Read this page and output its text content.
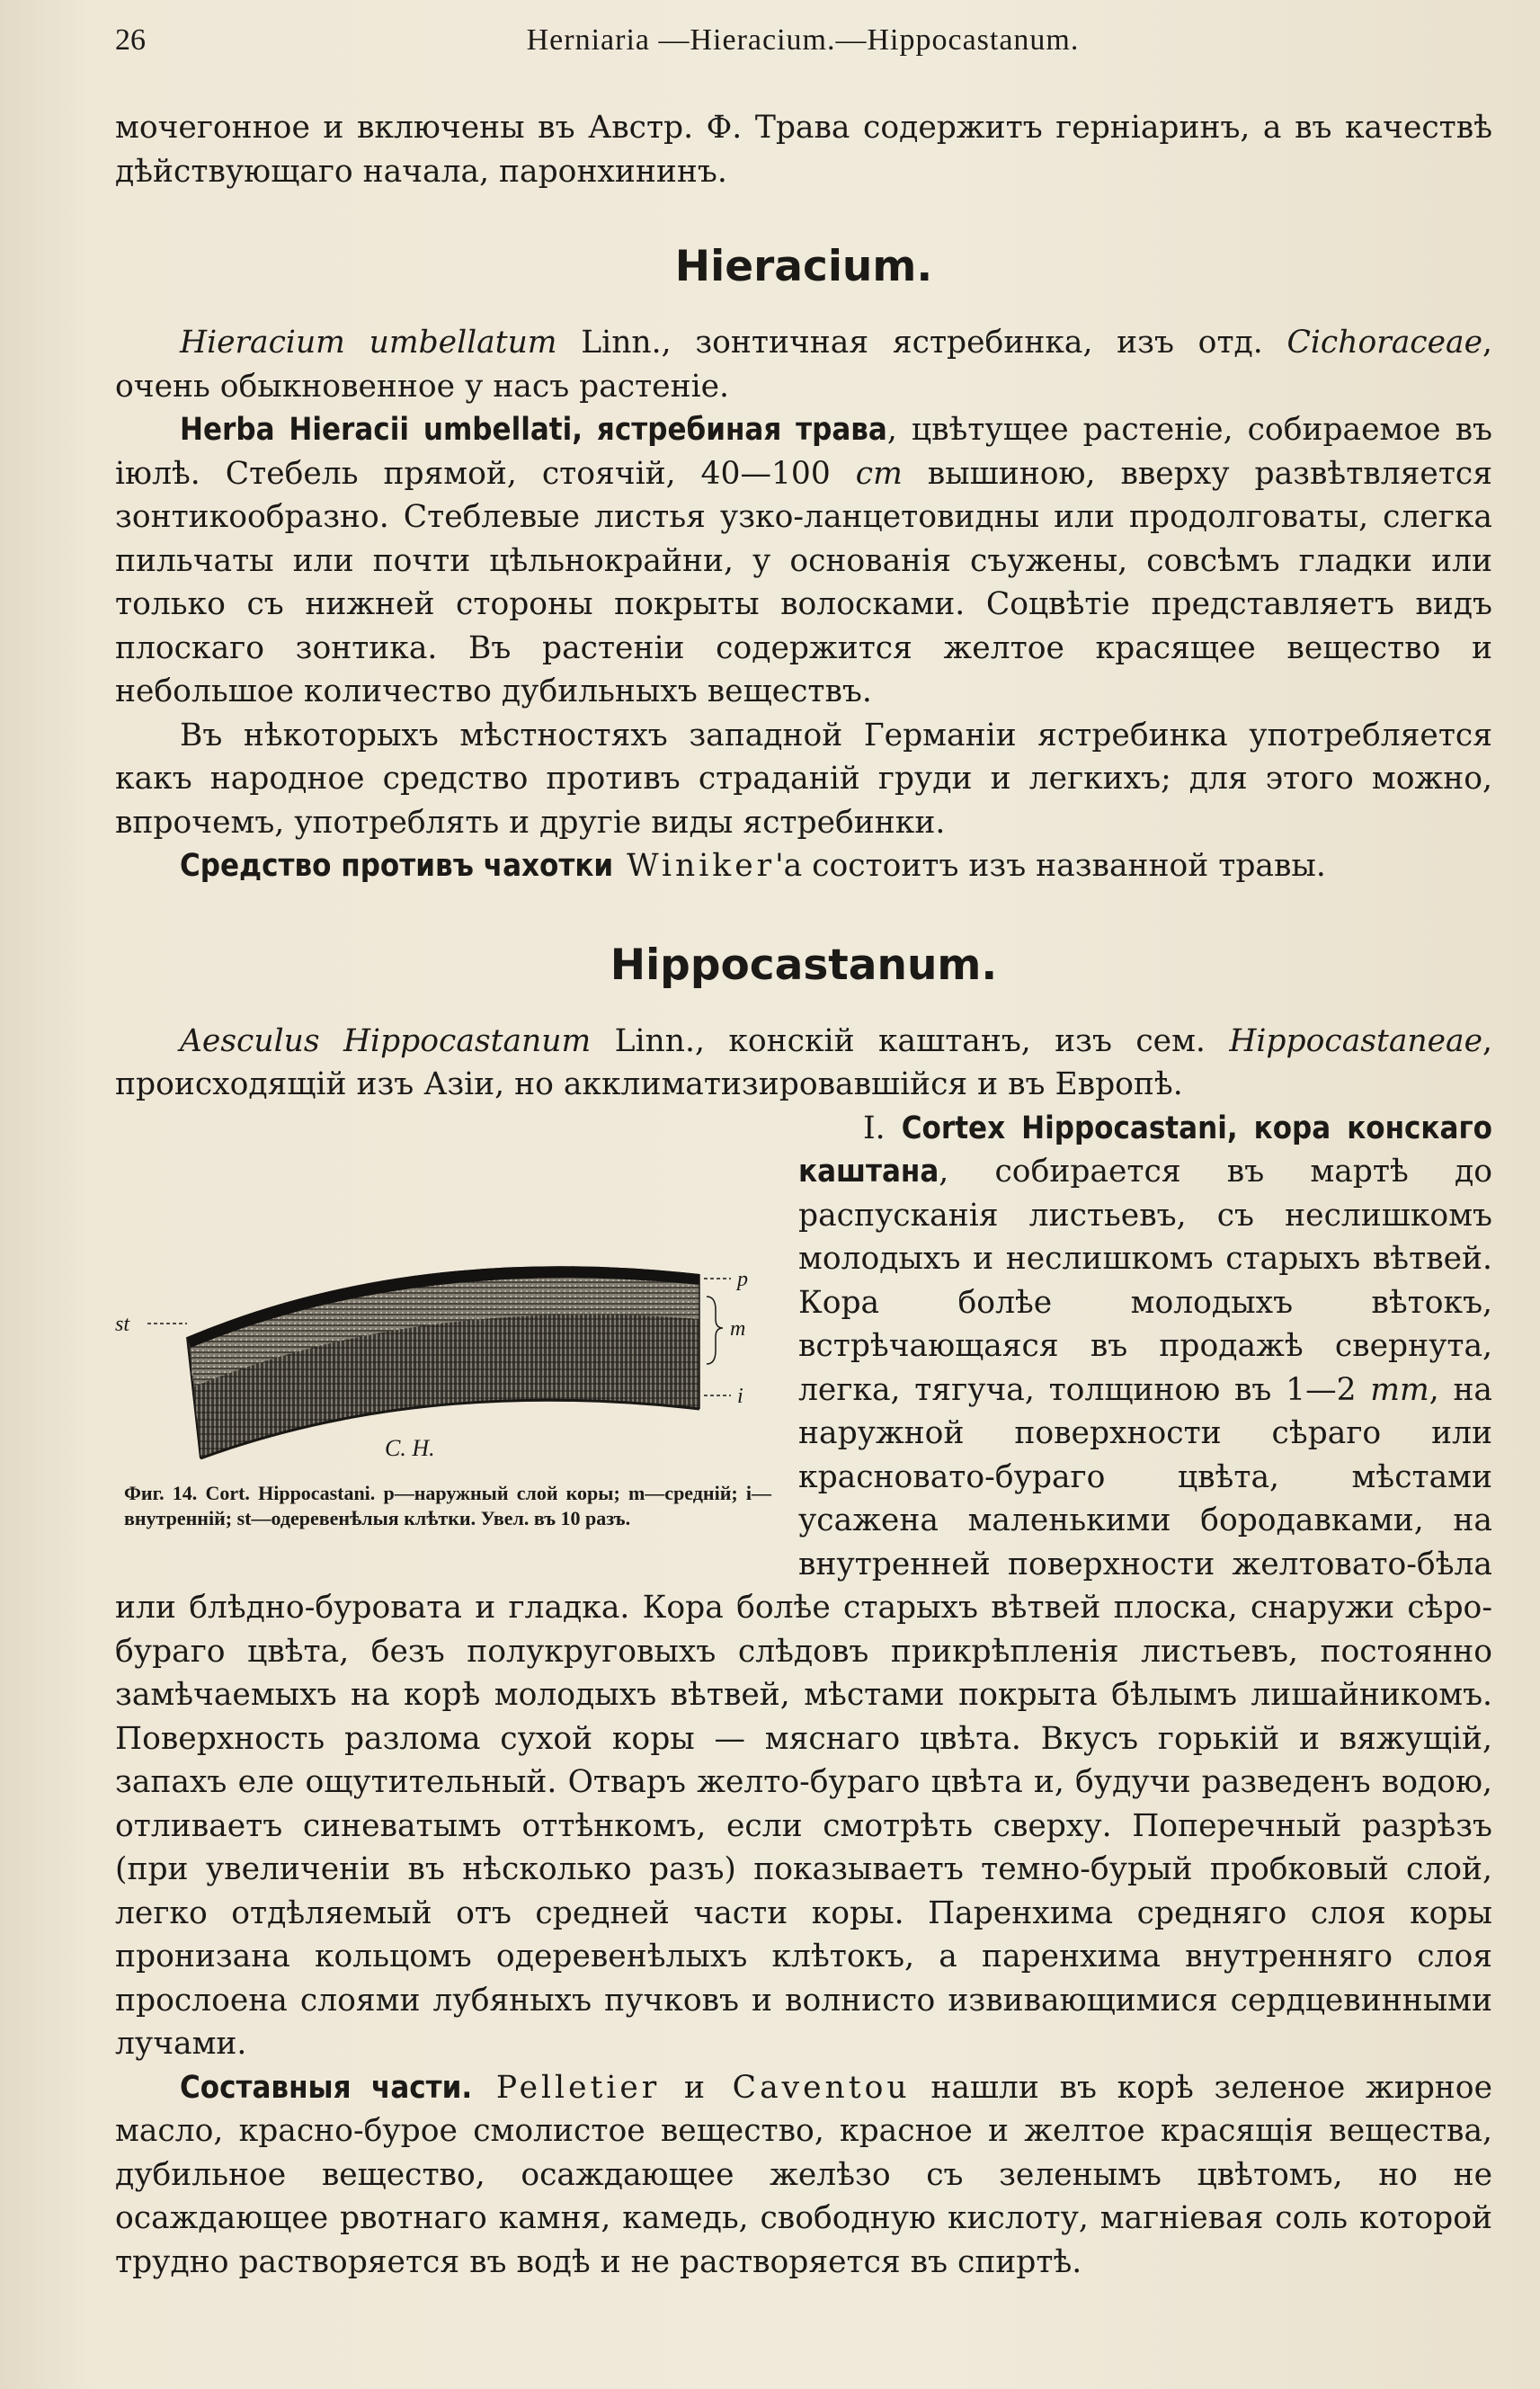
26	Herniaria —Hieracium.—Hippocastanum.

мочегонное и включены въ Австр. Ф. Трава содержитъ герніаринъ, а въ качествѣ дѣйствующаго начала, паронхининъ.

Hieracium.

Hieracium umbellatum Linn., зонтичная ястребинка, изъ отд. Cichoraceae, очень обыкновенное у насъ растеніе.

Herba Hieracii umbellati, ястребиная трава, цвѣтущее растеніе, собираемое въ іюлѣ. Стебель прямой, стоячій, 40—100 cm вышиною, вверху развѣтвляется зонтикообразно. Стеблевые листья узко-ланцетовидны или продолговаты, слегка пильчаты или почти цѣльнокрайни, у основанія съужены, совсѣмъ гладки или только съ нижней стороны покрыты волосками. Соцвѣтіе представляетъ видъ плоскаго зонтика. Въ растеніи содержится желтое красящее вещество и небольшое количество дубильныхъ веществъ.

Въ нѣкоторыхъ мѣстностяхъ западной Германіи ястребинка употребляется какъ народное средство противъ страданій груди и легкихъ; для этого можно, впрочемъ, употреблять и другіе виды ястребинки.

Средство противъ чахотки Winiker'а состоитъ изъ названной травы.

Hippocastanum.

Aesculus Hippocastanum Linn., конскій каштанъ, изъ сем. Hippocastaneae, происходящій изъ Азіи, но акклиматизировавшійся и въ Европѣ.

p
m
i
st
C. H.
Фиг. 14. Cort. Hippocastani. p—наружный слой коры; m—средній; i—внутренній; st—одеревенѣлыя клѣтки. Увел. въ 10 разъ.

I. Cortex Hippocastani, кора конскаго каштана, собирается въ мартѣ до распусканія листьевъ, съ неслишкомъ молодыхъ и неслишкомъ старыхъ вѣтвей. Кора болѣе молодыхъ вѣтокъ, встрѣчающаяся въ продажѣ свернута, легка, тягуча, толщиною въ 1—2 mm, на наружной поверхности сѣраго или красновато-бураго цвѣта, мѣстами усажена маленькими бородавками, на внутренней поверхности желтовато-бѣла или блѣдно-буровата и гладка. Кора болѣе старыхъ вѣтвей плоска, снаружи сѣро-бураго цвѣта, безъ полукруговыхъ слѣдовъ прикрѣпленія листьевъ, постоянно замѣчаемыхъ на корѣ молодыхъ вѣтвей, мѣстами покрыта бѣлымъ лишайникомъ. Поверхность разлома сухой коры — мяснаго цвѣта. Вкусъ горькій и вяжущій, запахъ еле ощутительный. Отваръ желто-бураго цвѣта и, будучи разведенъ водою, отливаетъ синеватымъ оттѣнкомъ, если смотрѣть сверху. Поперечный разрѣзъ (при увеличеніи въ нѣсколько разъ) показываетъ темно-бурый пробковый слой, легко отдѣляемый отъ средней части коры. Паренхима средняго слоя коры пронизана кольцомъ одеревенѣлыхъ клѣтокъ, а паренхима внутренняго слоя прослоена слоями лубяныхъ пучковъ и волнисто извивающимися сердцевинными лучами.

Составныя части. Pelletier и Caventou нашли въ корѣ зеленое жирное масло, красно-бурое смолистое вещество, красное и желтое красящія вещества, дубильное вещество, осаждающее желѣзо съ зеленымъ цвѣтомъ, но не осаждающее рвотнаго камня, камедь, свободную кислоту, магніевая соль которой трудно растворяется въ водѣ и не растворяется въ спиртѣ.
